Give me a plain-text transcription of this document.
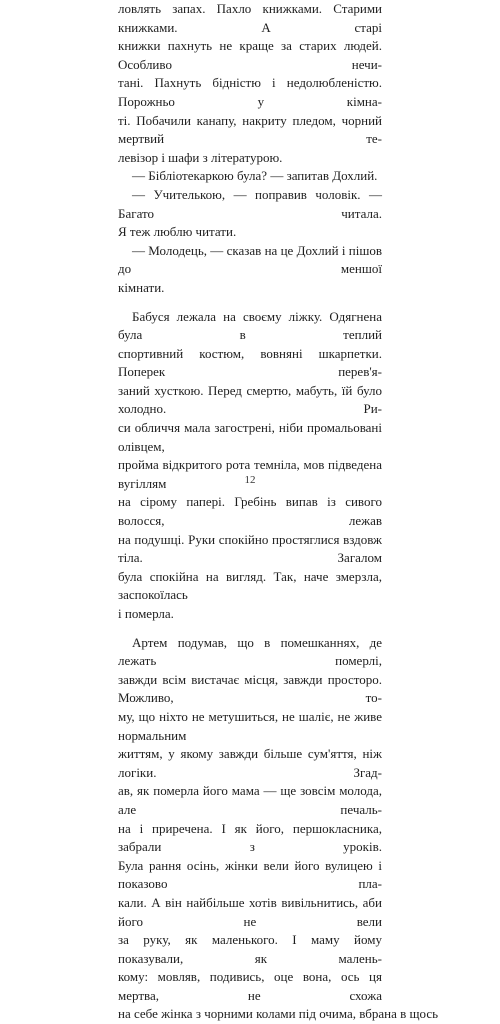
ловлять запах. Пахло книжками. Старими книжками. А старі
книжки пахнуть не краще за старих людей. Особливо нечи-
тані. Пахнуть бідністю і недолюбленістю. Порожньо у кімна-
ті. Побачили канапу, накриту пледом, чорний мертвий те-
левізор і шафи з літературою.

— Бібліотекаркою була? — запитав Дохлий.

— Учителькою, — поправив чоловік. — Багато читала.
Я теж люблю читати.

— Молодець, — сказав на це Дохлий і пішов до меншої
кімнати.

Бабуся лежала на своєму ліжку. Одягнена була в теплий
спортивний костюм, вовняні шкарпетки. Поперек перев'я-
заний хусткою. Перед смертю, мабуть, їй було холодно. Ри-
си обличчя мала загострені, ніби промальовані олівцем,
пройма відкритого рота темніла, мов підведена вугіллям
на сірому папері. Гребінь випав із сивого волосся, лежав
на подушці. Руки спокійно простяглися вздовж тіла. Загалом
була спокійна на вигляд. Так, наче змерзла, заспокоїлась
і померла.

Артем подумав, що в помешканнях, де лежать померлі,
завжди всім вистачає місця, завжди просторо. Можливо, то-
му, що ніхто не метушиться, не шаліє, не живе нормальним
життям, у якому завжди більше сум'яття, ніж логіки. Згад-
ав, як померла його мама — ще зовсім молода, але печаль-
на і приречена. І як його, першокласника, забрали з уроків.
Була рання осінь, жінки вели його вулицею і показово пла-
кали. А він найбільше хотів вивільнитись, аби його не вели
за руку, як маленького. І маму йому показували, як малень-
кому: мовляв, подивись, оце вона, ось ця мертва, не схожа
на себе жінка з чорними колами під очима, вбрана в щось

12
